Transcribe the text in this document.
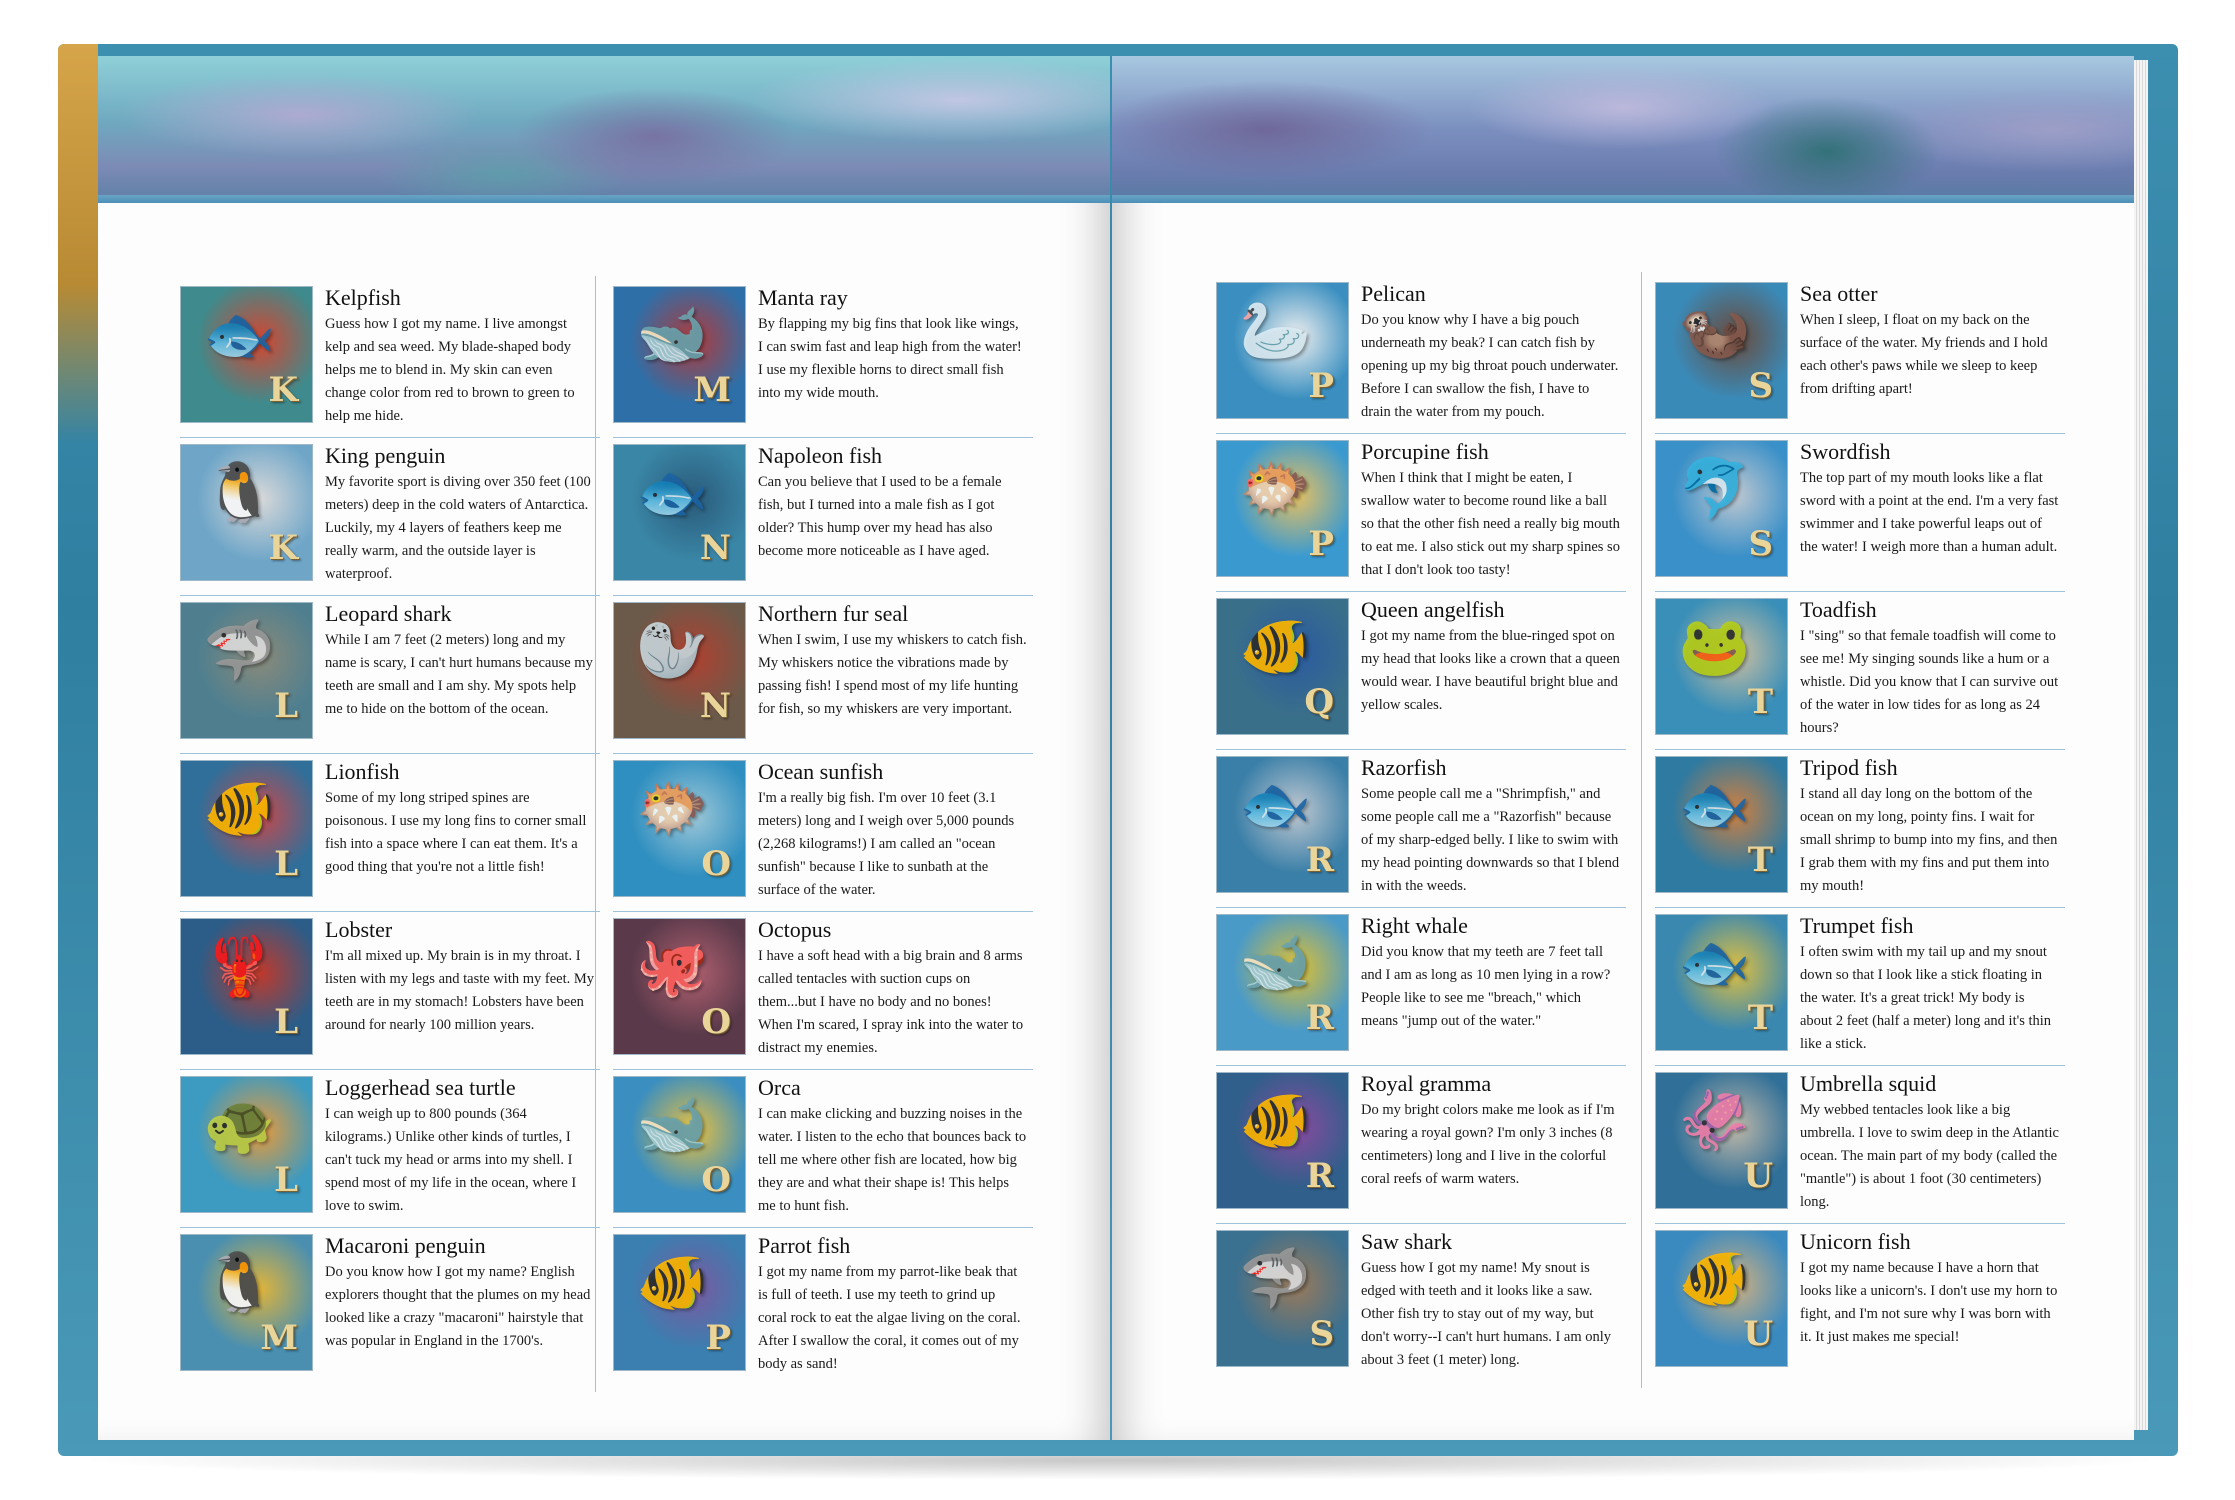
🐟
K
Kelpfish

Guess how I got my name. I live amongst kelp and sea weed. My blade-shaped body helps me to blend in. My skin can even change color from red to brown to green to help me hide.

🐧
K
King penguin

My favorite sport is diving over 350 feet (100 meters) deep in the cold waters of Antarctica. Luckily, my 4 layers of feathers keep me really warm, and the outside layer is waterproof.

🦈
L
Leopard shark

While I am 7 feet (2 meters) long and my name is scary, I can't hurt humans because my teeth are small and I am shy. My spots help me to hide on the bottom of the ocean.

🐠
L
Lionfish

Some of my long striped spines are poisonous. I use my long fins to corner small fish into a space where I can eat them. It's a good thing that you're not a little fish!

🦞
L
Lobster

I'm all mixed up. My brain is in my throat. I listen with my legs and taste with my feet. My teeth are in my stomach! Lobsters have been around for nearly 100 million years.

🐢
L
Loggerhead sea turtle

I can weigh up to 800 pounds (364 kilograms.) Unlike other kinds of turtles, I can't tuck my head or arms into my shell. I spend most of my life in the ocean, where I love to swim.

🐧
M
Macaroni penguin

Do you know how I got my name? English explorers thought that the plumes on my head looked like a crazy "macaroni" hairstyle that was popular in England in the 1700's.

🐋
M
Manta ray

By flapping my big fins that look like wings, I can swim fast and leap high from the water! I use my flexible horns to direct small fish into my wide mouth.

🐟
N
Napoleon fish

Can you believe that I used to be a female fish, but I turned into a male fish as I got older? This hump over my head has also become more noticeable as I have aged.

🦭
N
Northern fur seal

When I swim, I use my whiskers to catch fish. My whiskers notice the vibrations made by passing fish! I spend most of my life hunting for fish, so my whiskers are very important.

🐡
O
Ocean sunfish

I'm a really big fish. I'm over 10 feet (3.1 meters) long and I weigh over 5,000 pounds (2,268 kilograms!) I am called an "ocean sunfish" because I like to sunbath at the surface of the water.

🐙
O
Octopus

I have a soft head with a big brain and 8 arms called tentacles with suction cups on them...but I have no body and no bones! When I'm scared, I spray ink into the water to distract my enemies.

🐋
O
Orca

I can make clicking and buzzing noises in the water. I listen to the echo that bounces back to tell me where other fish are located, how big they are and what their shape is! This helps me to hunt fish.

🐠
P
Parrot fish

I got my name from my parrot-like beak that is full of teeth. I use my teeth to grind up coral rock to eat the algae living on the coral. After I swallow the coral, it comes out of my body as sand!

🦢
P
Pelican

Do you know why I have a big pouch underneath my beak? I can catch fish by opening up my big throat pouch underwater. Before I can swallow the fish, I have to drain the water from my pouch.

🐡
P
Porcupine fish

When I think that I might be eaten, I swallow water to become round like a ball so that the other fish need a really big mouth to eat me. I also stick out my sharp spines so that I don't look too tasty!

🐠
Q
Queen angelfish

I got my name from the blue-ringed spot on my head that looks like a crown that a queen would wear. I have beautiful bright blue and yellow scales.

🐟
R
Razorfish

Some people call me a "Shrimpfish," and some people call me a "Razorfish" because of my sharp-edged belly. I like to swim with my head pointing downwards so that I blend in with the weeds.

🐋
R
Right whale

Did you know that my teeth are 7 feet tall and I am as long as 10 men lying in a row? People like to see me "breach," which means "jump out of the water."

🐠
R
Royal gramma

Do my bright colors make me look as if I'm wearing a royal gown? I'm only 3 inches (8 centimeters) long and I live in the colorful coral reefs of warm waters.

🦈
S
Saw shark

Guess how I got my name! My snout is edged with teeth and it looks like a saw. Other fish try to stay out of my way, but don't worry--I can't hurt humans. I am only about 3 feet (1 meter) long.

🦦
S
Sea otter

When I sleep, I float on my back on the surface of the water. My friends and I hold each other's paws while we sleep to keep from drifting apart!

🐬
S
Swordfish

The top part of my mouth looks like a flat sword with a point at the end. I'm a very fast swimmer and I take powerful leaps out of the water! I weigh more than a human adult.

🐸
T
Toadfish

I "sing" so that female toadfish will come to see me! My singing sounds like a hum or a whistle. Did you know that I can survive out of the water in low tides for as long as 24 hours?

🐟
T
Tripod fish

I stand all day long on the bottom of the ocean on my long, pointy fins. I wait for small shrimp to bump into my fins, and then I grab them with my fins and put them into my mouth!

🐟
T
Trumpet fish

I often swim with my tail up and my snout down so that I look like a stick floating in the water. It's a great trick! My body is about 2 feet (half a meter) long and it's thin like a stick.

🦑
U
Umbrella squid

My webbed tentacles look like a big umbrella. I love to swim deep in the Atlantic ocean. The main part of my body (called the "mantle") is about 1 foot (30 centimeters) long.

🐠
U
Unicorn fish

I got my name because I have a horn that looks like a unicorn's. I don't use my horn to fight, and I'm not sure why I was born with it. It just makes me special!
